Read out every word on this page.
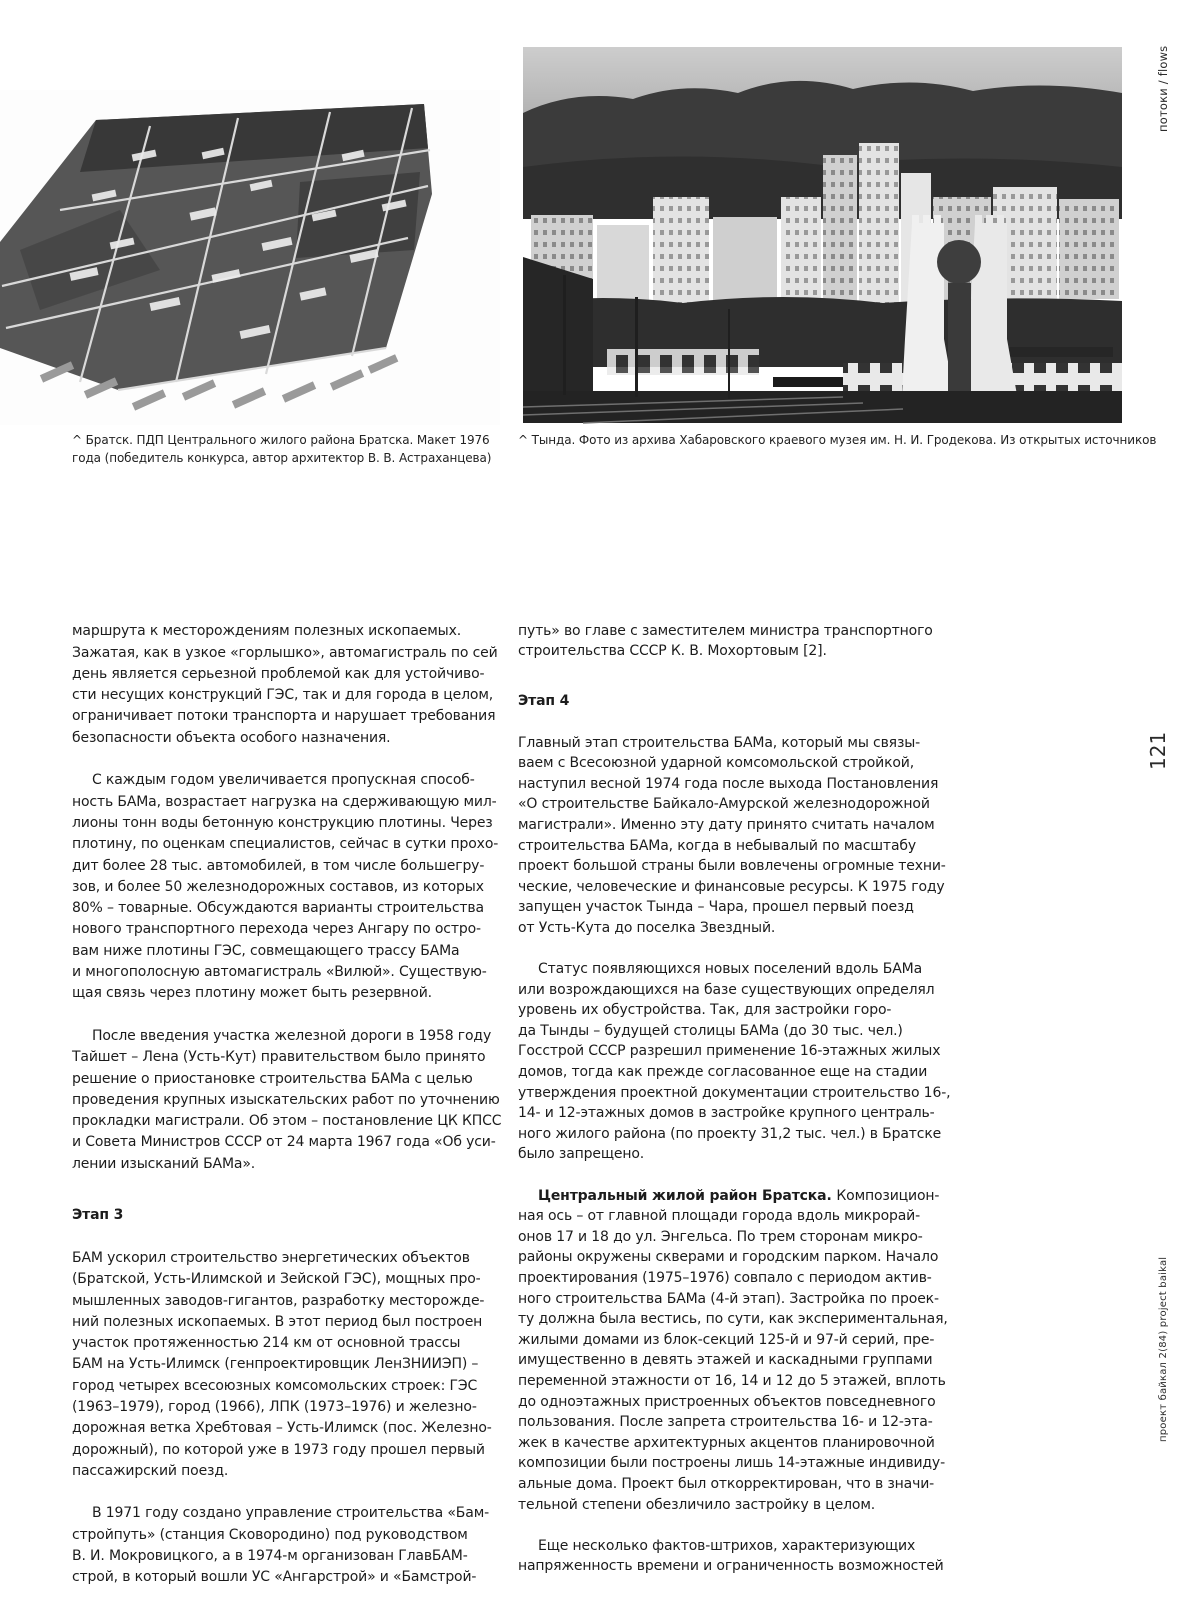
^ Братск. ПДП Центрального жилого района Братска. Макет 1976
года (победитель конкурса, автор архитектор В. В. Астраханцева)
^ Тында. Фото из архива Хабаровского краевого музея им. Н. И. Гродекова. Из открытых источников

маршрута к месторождениям полезных ископаемых.
Зажатая, как в узкое «горлышко», автомагистраль по сей
день является серьезной проблемой как для устойчиво-
сти несущих конструкций ГЭС, так и для города в целом,
ограничивает потоки транспорта и нарушает требования
безопасности объекта особого назначения.

С каждым годом увеличивается пропускная способ-
ность БАМа, возрастает нагрузка на сдерживающую мил-
лионы тонн воды бетонную конструкцию плотины. Через
плотину, по оценкам специалистов, сейчас в сутки прохо-
дит более 28 тыс. автомобилей, в том числе большегру-
зов, и более 50 железнодорожных составов, из которых
80% – товарные. Обсуждаются варианты строительства
нового транспортного перехода через Ангару по остро-
вам ниже плотины ГЭС, совмещающего трассу БАМа
и многополосную автомагистраль «Вилюй». Существую-
щая связь через плотину может быть резервной.

После введения участка железной дороги в 1958 году
Тайшет – Лена (Усть-Кут) правительством было принято
решение о приостановке строительства БАМа с целью
проведения крупных изыскательских работ по уточнению
прокладки магистрали. Об этом – постановление ЦК КПСС
и Совета Министров СССР от 24 марта 1967 года «Об уси-
лении изысканий БАМа».

Этап 3

БАМ ускорил строительство энергетических объектов
(Братской, Усть-Илимской и Зейской ГЭС), мощных про-
мышленных заводов-гигантов, разработку месторожде-
ний полезных ископаемых. В этот период был построен
участок протяженностью 214 км от основной трассы
БАМ на Усть-Илимск (генпроектировщик ЛенЗНИИЭП) –
город четырех всесоюзных комсомольских строек: ГЭС
(1963–1979), город (1966), ЛПК (1973–1976) и железно-
дорожная ветка Хребтовая – Усть-Илимск (пос. Железно-
дорожный), по которой уже в 1973 году прошел первый
пассажирский поезд.

В 1971 году создано управление строительства «Бам-
стройпуть» (станция Сковородино) под руководством
В. И. Мокровицкого, а в 1974-м организован ГлавБАМ-
строй, в который вошли УС «Ангарстрой» и «Бамстрой-

путь» во главе с заместителем министра транспортного
строительства СССР К. В. Мохортовым [2].

Этап 4

Главный этап строительства БАМа, который мы связы-
ваем с Всесоюзной ударной комсомольской стройкой,
наступил весной 1974 года после выхода Постановления
«О строительстве Байкало-Амурской железнодорожной
магистрали». Именно эту дату принято считать началом
строительства БАМа, когда в небывалый по масштабу
проект большой страны были вовлечены огромные техни-
ческие, человеческие и финансовые ресурсы. К 1975 году
запущен участок Тында – Чара, прошел первый поезд
от Усть-Кута до поселка Звездный.

Статус появляющихся новых поселений вдоль БАМа
или возрождающихся на базе существующих определял
уровень их обустройства. Так, для застройки горо-
да Тынды – будущей столицы БАМа (до 30 тыс. чел.)
Госстрой СССР разрешил применение 16-этажных жилых
домов, тогда как прежде согласованное еще на стадии
утверждения проектной документации строительство 16-,
14- и 12-этажных домов в застройке крупного централь-
ного жилого района (по проекту 31,2 тыс. чел.) в Братске
было запрещено.

Центральный жилой район Братска. Композицион-
ная ось – от главной площади города вдоль микрорай-
онов 17 и 18 до ул. Энгельса. По трем сторонам микро-
районы окружены скверами и городским парком. Начало
проектирования (1975–1976) совпало с периодом актив-
ного строительства БАМа (4-й этап). Застройка по проек-
ту должна была вестись, по сути, как экспериментальная,
жилыми домами из блок-секций 125-й и 97-й серий, пре-
имущественно в девять этажей и каскадными группами
переменной этажности от 16, 14 и 12 до 5 этажей, вплоть
до одноэтажных пристроенных объектов повседневного
пользования. После запрета строительства 16- и 12-эта-
жек в качестве архитектурных акцентов планировочной
композиции были построены лишь 14-этажные индивиду-
альные дома. Проект был откорректирован, что в значи-
тельной степени обезличило застройку в целом.

Еще несколько фактов-штрихов, характеризующих
напряженность времени и ограниченность возможностей

потоки / flows
121
проект байкал 2(84) project baikal
